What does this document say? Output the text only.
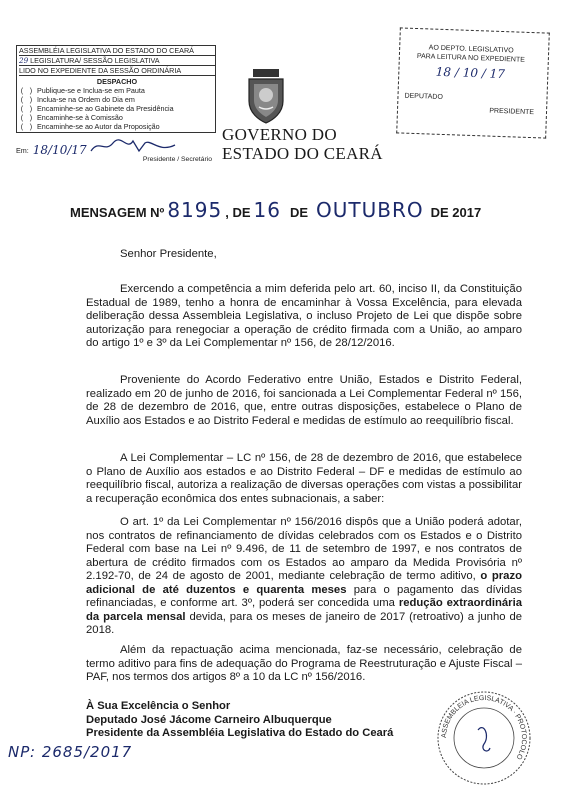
ASSEMBLÉIA LEGISLATIVA DO ESTADO DO CEARÁ
29 LEGISLATURA/ SESSÃO LEGISLATIVA
LIDO NO EXPEDIENTE DA SESSÃO ORDINÁRIA
DESPACHO
( ) Publique-se e Inclua-se em Pauta
( ) Inclua-se na Ordem do Dia em
( ) Encaminhe-se ao Gabinete da Presidência
( ) Encaminhe-se à Comissão
( ) Encaminhe-se ao Autor da Proposição
Em: 18/10/17
Presidente / Secretário
GOVERNO DO
ESTADO DO CEARÁ
AO DEPTO. LEGISLATIVO
PARA LEITURA NO EXPEDIENTE
18 / 10 / 17
DEPUTADO
PRESIDENTE
MENSAGEM Nº 8195 , DE 16 DE OUTUBRO DE 2017
Senhor Presidente,
Exercendo a competência a mim deferida pelo art. 60, inciso II, da Constituição Estadual de 1989, tenho a honra de encaminhar à Vossa Excelência, para elevada deliberação dessa Assembleia Legislativa, o incluso Projeto de Lei que dispõe sobre autorização para renegociar a operação de crédito firmada com a União, ao amparo do artigo 1º e 3º da Lei Complementar nº 156, de 28/12/2016.
Proveniente do Acordo Federativo entre União, Estados e Distrito Federal, realizado em 20 de junho de 2016, foi sancionada a Lei Complementar Federal nº 156, de 28 de dezembro de 2016, que, entre outras disposições, estabelece o Plano de Auxílio aos Estados e ao Distrito Federal e medidas de estímulo ao reequilíbrio fiscal.
A Lei Complementar – LC nº 156, de 28 de dezembro de 2016, que estabelece o Plano de Auxílio aos estados e ao Distrito Federal – DF e medidas de estímulo ao reequilíbrio fiscal, autoriza a realização de diversas operações com vistas a possibilitar a recuperação econômica dos entes subnacionais, a saber:
O art. 1º da Lei Complementar nº 156/2016 dispôs que a União poderá adotar, nos contratos de refinanciamento de dívidas celebrados com os Estados e o Distrito Federal com base na Lei nº 9.496, de 11 de setembro de 1997, e nos contratos de abertura de crédito firmados com os Estados ao amparo da Medida Provisória nº 2.192-70, de 24 de agosto de 2001, mediante celebração de termo aditivo, o prazo adicional de até duzentos e quarenta meses para o pagamento das dívidas refinanciadas, e conforme art. 3º, poderá ser concedida uma redução extraordinária da parcela mensal devida, para os meses de janeiro de 2017 (retroativo) a junho de 2018.
Além da repactuação acima mencionada, faz-se necessário, celebração de termo aditivo para fins de adequação do Programa de Reestruturação e Ajuste Fiscal – PAF, nos termos dos artigos 8º a 10 da LC nº 156/2016.
À Sua Excelência o Senhor
Deputado José Jácome Carneiro Albuquerque
Presidente da Assembléia Legislativa do Estado do Ceará
NP: 2685/2017
ASSEMBLEIA LEGISLATIVA · PROTOCOLO
